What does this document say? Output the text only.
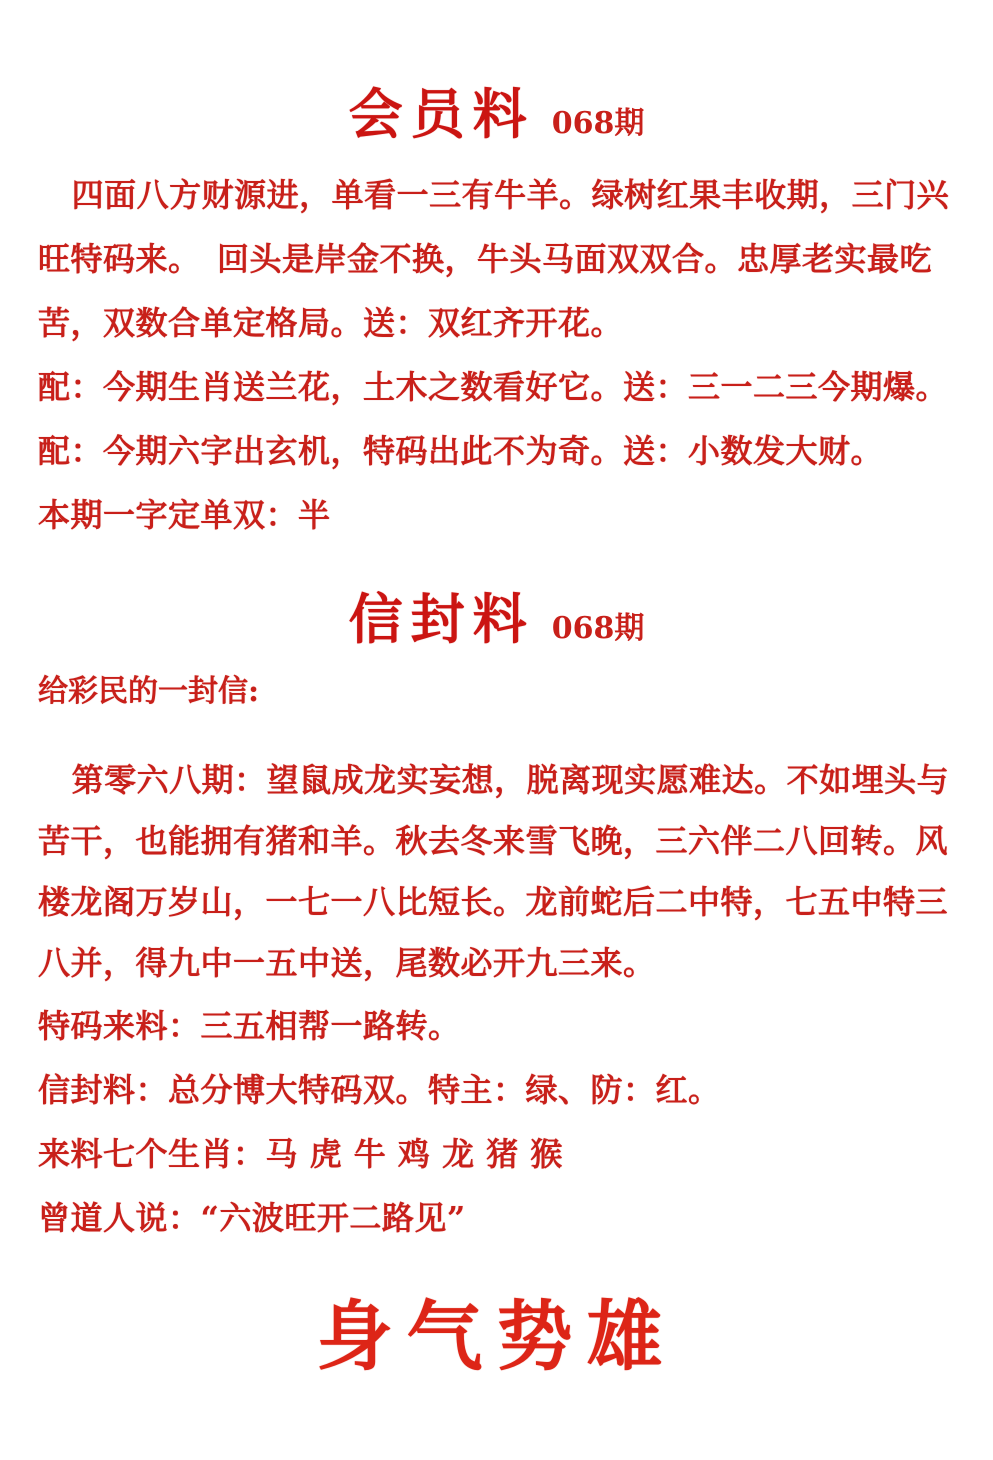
会员料 068期

四面八方财源进，单看一三有牛羊。绿树红果丰收期，三门兴

旺特码来。　回头是岸金不换，牛头马面双双合。忠厚老实最吃

苦，双数合单定格局。送：双红齐开花。

配：今期生肖送兰花，土木之数看好它。送：三一二三今期爆。

配：今期六字出玄机，特码出此不为奇。送：小数发大财。

本期一字定单双：半

信封料 068期

给彩民的一封信:

第零六八期：望鼠成龙实妄想，脱离现实愿难达。不如埋头与

苦干，也能拥有猪和羊。秋去冬来雪飞晚，三六伴二八回转。风

楼龙阁万岁山，一七一八比短长。龙前蛇后二中特，七五中特三

八并，得九中一五中送，尾数必开九三来。

特码来料：三五相帮一路转。

信封料：总分博大特码双。特主：绿、防：红。

来料七个生肖：马 虎 牛 鸡 龙 猪 猴

曾道人说：“六波旺开二路见”

身气势雄
